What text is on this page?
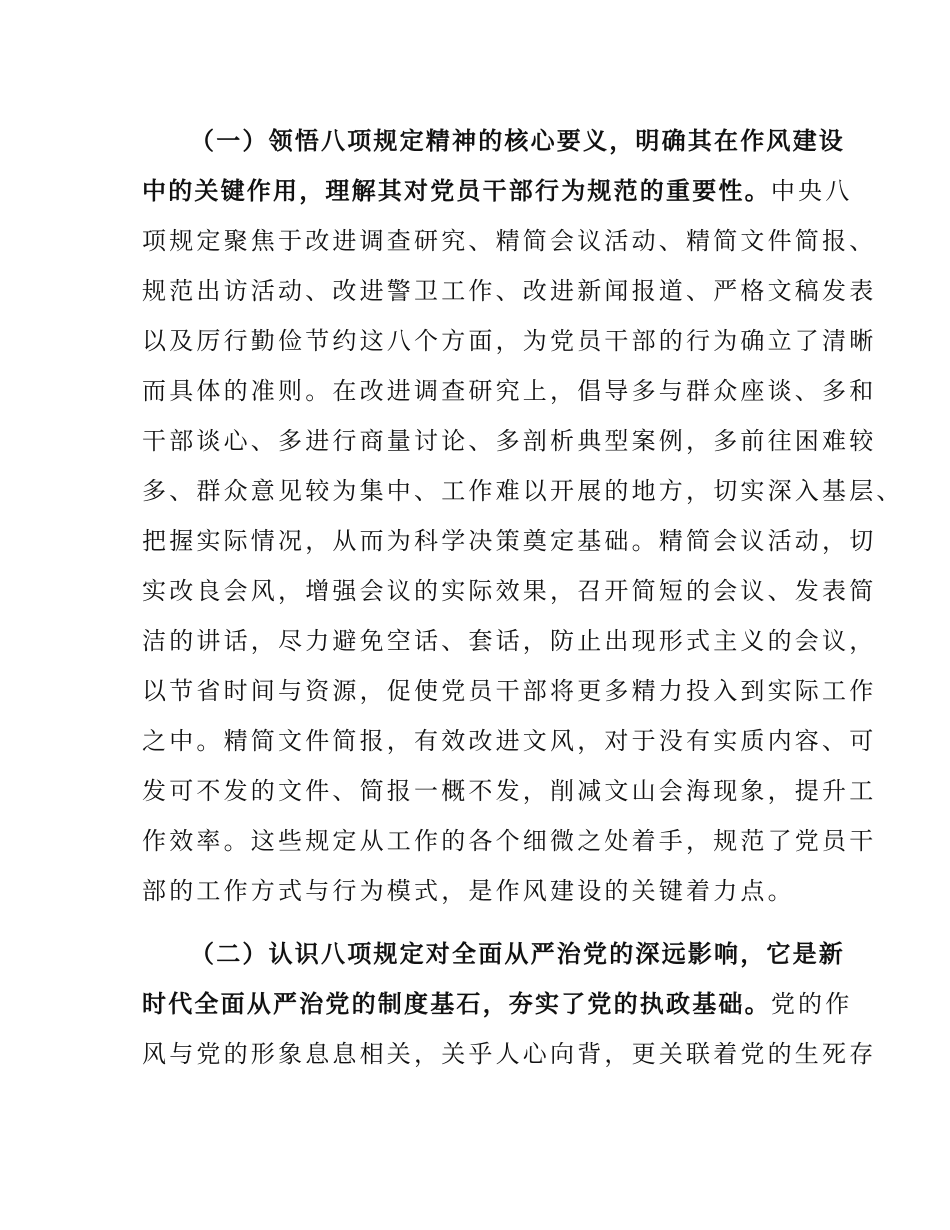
（一）领悟八项规定精神的核心要义，明确其在作风建设
中的关键作用，理解其对党员干部行为规范的重要性。中央八
项规定聚焦于改进调查研究、精简会议活动、精简文件简报、
规范出访活动、改进警卫工作、改进新闻报道、严格文稿发表
以及厉行勤俭节约这八个方面，为党员干部的行为确立了清晰
而具体的准则。在改进调查研究上，倡导多与群众座谈、多和
干部谈心、多进行商量讨论、多剖析典型案例，多前往困难较
多、群众意见较为集中、工作难以开展的地方，切实深入基层、
把握实际情况，从而为科学决策奠定基础。精简会议活动，切
实改良会风，增强会议的实际效果，召开简短的会议、发表简
洁的讲话，尽力避免空话、套话，防止出现形式主义的会议，
以节省时间与资源，促使党员干部将更多精力投入到实际工作
之中。精简文件简报，有效改进文风，对于没有实质内容、可
发可不发的文件、简报一概不发，削减文山会海现象，提升工
作效率。这些规定从工作的各个细微之处着手，规范了党员干
部的工作方式与行为模式，是作风建设的关键着力点。
（二）认识八项规定对全面从严治党的深远影响，它是新
时代全面从严治党的制度基石，夯实了党的执政基础。党的作
风与党的形象息息相关，关乎人心向背，更关联着党的生死存
